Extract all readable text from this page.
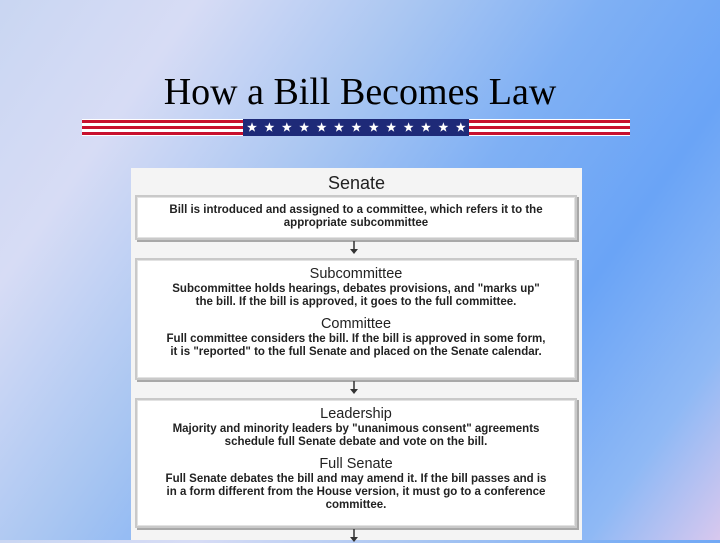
How a Bill Becomes Law

Senate

Bill is introduced and assigned to a committee, which refers it to the

appropriate subcommittee

Subcommittee

Subcommittee holds hearings, debates provisions, and "marks up"

the bill. If the bill is approved, it goes to the full committee.

Committee

Full committee considers the bill. If the bill is approved in some form,

it is "reported" to the full Senate and placed on the Senate calendar.

Leadership

Majority and minority leaders by "unanimous consent" agreements

schedule full Senate debate and vote on the bill.

Full Senate

Full Senate debates the bill and may amend it. If the bill passes and is

in a form different from the House version, it must go to a conference

committee.
